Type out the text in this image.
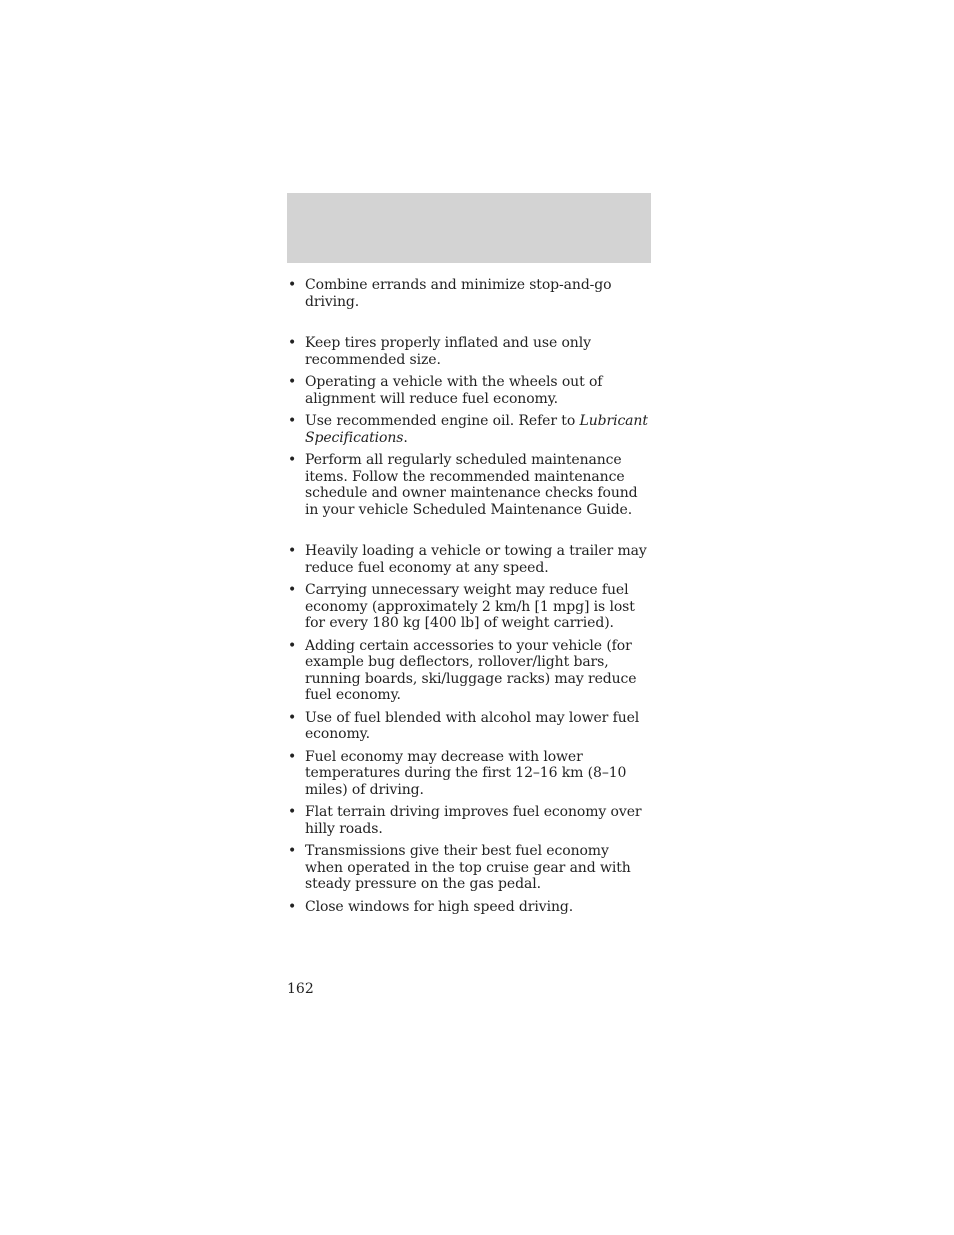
• Combine errands and minimize stop-and-go driving.
• Keep tires properly inflated and use only recommended size.
• Operating a vehicle with the wheels out of alignment will reduce fuel economy.
• Use recommended engine oil. Refer to Lubricant Specifications.
• Perform all regularly scheduled maintenance items. Follow the recommended maintenance schedule and owner maintenance checks found in your vehicle Scheduled Maintenance Guide.
• Heavily loading a vehicle or towing a trailer may reduce fuel economy at any speed.
• Carrying unnecessary weight may reduce fuel economy (approximately 2 km/h [1 mpg] is lost for every 180 kg [400 lb] of weight carried).
• Adding certain accessories to your vehicle (for example bug deflectors, rollover/light bars, running boards, ski/luggage racks) may reduce fuel economy.
• Use of fuel blended with alcohol may lower fuel economy.
• Fuel economy may decrease with lower temperatures during the first 12–16 km (8–10 miles) of driving.
• Flat terrain driving improves fuel economy over hilly roads.
• Transmissions give their best fuel economy when operated in the top cruise gear and with steady pressure on the gas pedal.
• Close windows for high speed driving.
162
